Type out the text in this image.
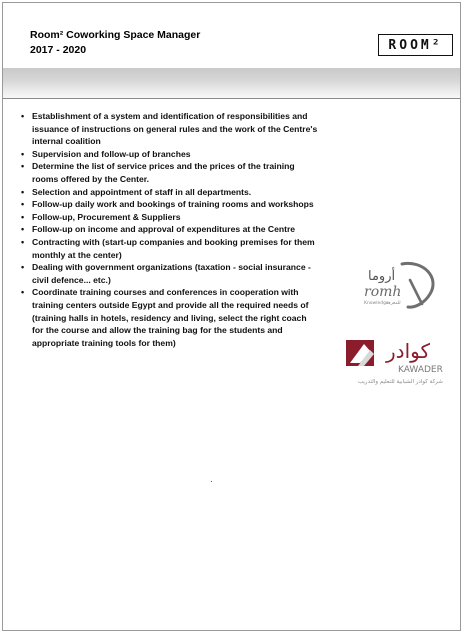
Room² Coworking Space Manager
2017 - 2020	ROOM²
• Establishment of a system and identification of responsibilities and issuance of instructions on general rules and the work of the Centre's internal coalition
• Supervision and follow-up of branches
• Determine the list of service prices and the prices of the training rooms offered by the Center.
• Selection and appointment of staff in all departments.
• Follow-up daily work and bookings of training rooms and workshops
• Follow-up, Procurement & Suppliers
• Follow-up on income and approval of expenditures at the Centre
• Contracting with (start-up companies and booking premises for them monthly at the center)
• Dealing with government organizations (taxation - social insurance - civil defence... etc.)
• Coordinate training courses and conferences in cooperation with training centers outside Egypt and provide all the required needs of (training halls in hotels, residency and living, select the right coach for the course and allow the training bag for the students and appropriate training tools for them)
أروما
romh
للمعرفة
Knowledge
كوادر
KAWADER
شركة كوادر الشبابية للتعليم والتدريب
